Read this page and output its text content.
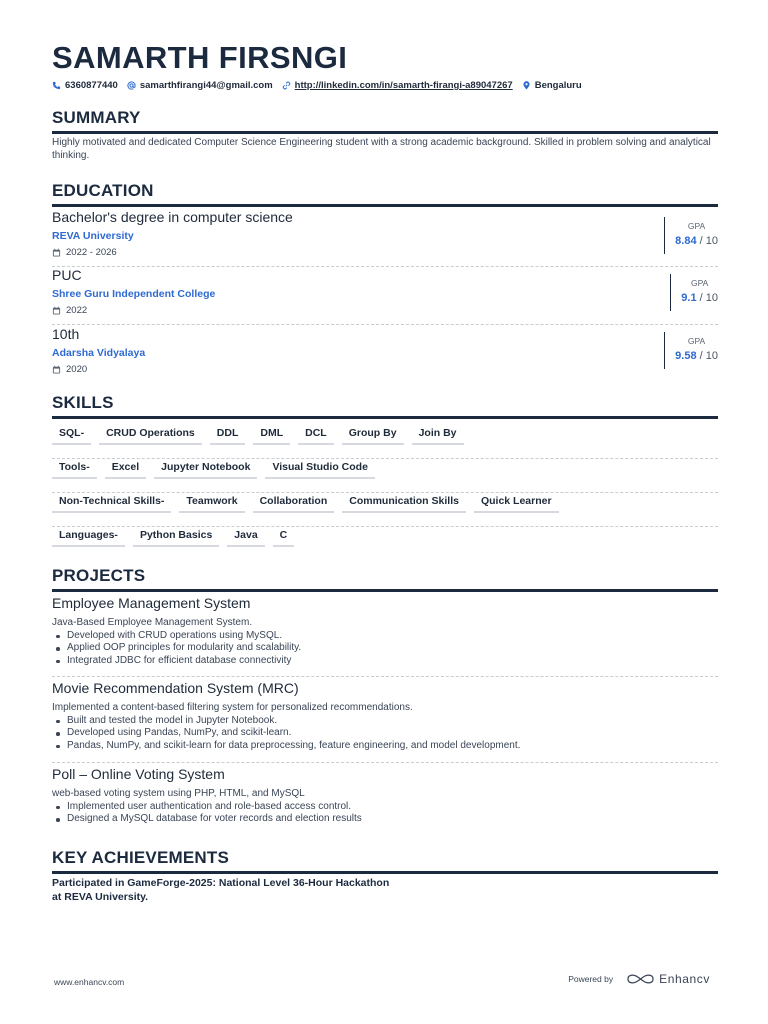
SAMARTH FIRSNGI
6360877440 samarthfirangi44@gmail.com http://linkedin.com/in/samarth-firangi-a89047267 Bengaluru
SUMMARY
Highly motivated and dedicated Computer Science Engineering student with a strong academic background. Skilled in problem solving and analytical thinking.
EDUCATION
Bachelor's degree in computer science
REVA University
2022 - 2026
GPA
8.84 / 10
PUC
Shree Guru Independent College
2022
GPA
9.1 / 10
10th
Adarsha Vidyalaya
2020
GPA
9.58 / 10
SKILLS
SQL-	CRUD Operations	DDL	DML	DCL	Group By	Join By
Tools-	Excel	Jupyter Notebook	Visual Studio Code
Non-Technical Skills-	Teamwork	Collaboration	Communication Skills	Quick Learner
Languages-	Python Basics	Java	C
PROJECTS
Employee Management System
Java-Based Employee Management System.
Developed with CRUD operations using MySQL.
Applied OOP principles for modularity and scalability.
Integrated JDBC for efficient database connectivity
Movie Recommendation System (MRC)
Implemented a content-based filtering system for personalized recommendations.
Built and tested the model in Jupyter Notebook.
Developed using Pandas, NumPy, and scikit-learn.
Pandas, NumPy, and scikit-learn for data preprocessing, feature engineering, and model development.
Poll – Online Voting System
web-based voting system using PHP, HTML, and MySQL
Implemented user authentication and role-based access control.
Designed a MySQL database for voter records and election results
KEY ACHIEVEMENTS
Participated in GameForge-2025: National Level 36-Hour Hackathon at REVA University.
www.enhancv.com	Powered by	Enhancv
